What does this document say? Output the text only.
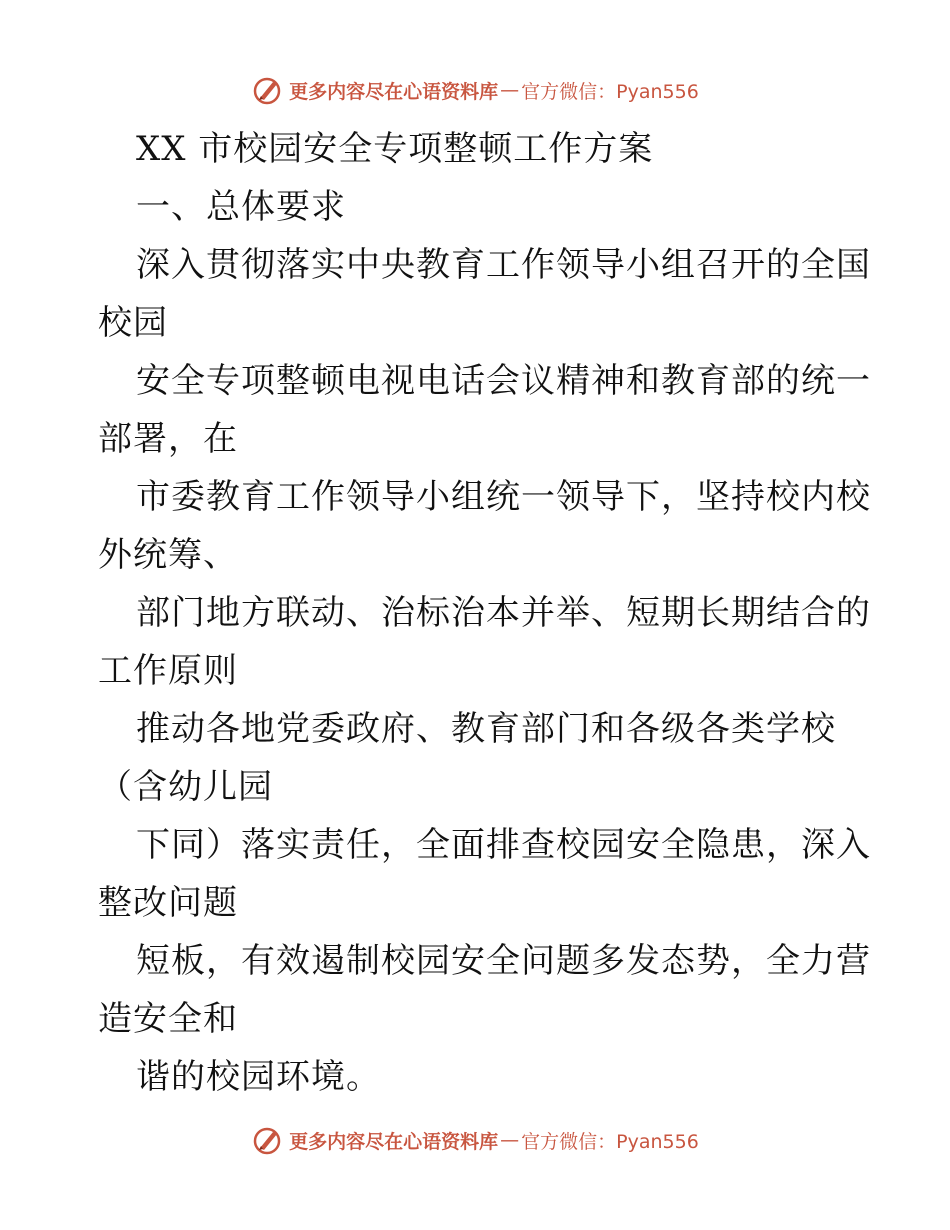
更多内容尽在心语资料库 — 官方微信：Pyan556
XX 市校园安全专项整顿工作方案
一、总体要求
深入贯彻落实中央教育工作领导小组召开的全国
校园
安全专项整顿电视电话会议精神和教育部的统一
部署，在
市委教育工作领导小组统一领导下，坚持校内校
外统筹、
部门地方联动、治标治本并举、短期长期结合的
工作原则
推动各地党委政府、教育部门和各级各类学校
（含幼儿园
下同）落实责任，全面排查校园安全隐患，深入
整改问题
短板，有效遏制校园安全问题多发态势，全力营
造安全和
谐的校园环境。
更多内容尽在心语资料库 — 官方微信：Pyan556
